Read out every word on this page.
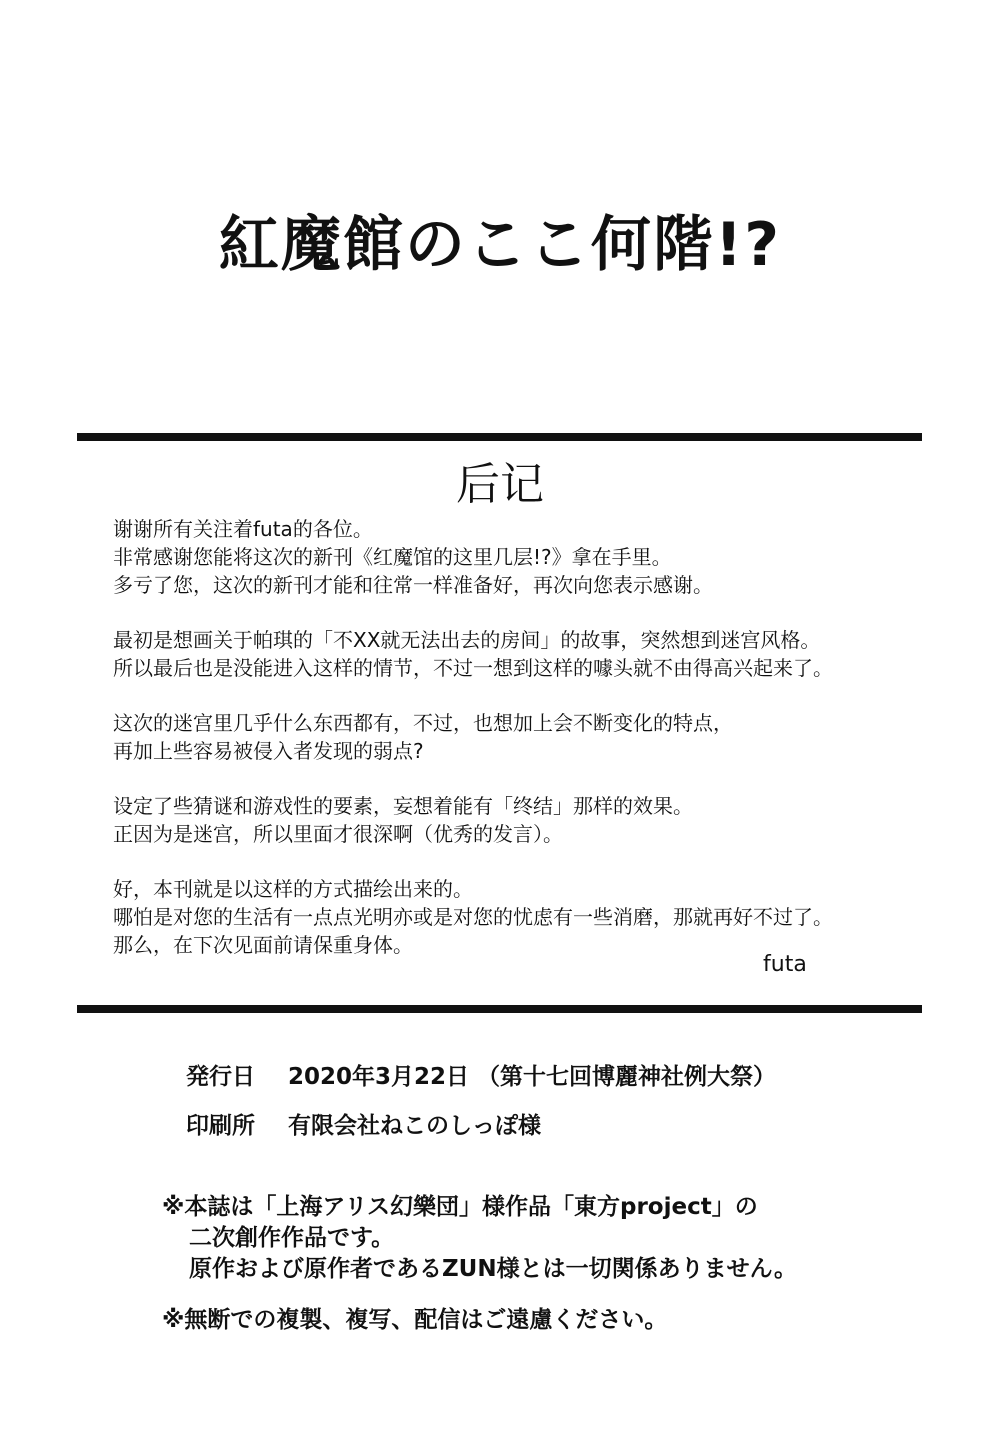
紅魔館のここ何階!?
后记

谢谢所有关注着futa的各位。
非常感谢您能将这次的新刊《红魔馆的这里几层!?》拿在手里。
多亏了您，这次的新刊才能和往常一样准备好，再次向您表示感谢。

最初是想画关于帕琪的「不XX就无法出去的房间」的故事，突然想到迷宫风格。
所以最后也是没能进入这样的情节，不过一想到这样的噱头就不由得高兴起来了。

这次的迷宫里几乎什么东西都有，不过，也想加上会不断变化的特点，
再加上些容易被侵入者发现的弱点?

设定了些猜谜和游戏性的要素，妄想着能有「终结」那样的效果。
正因为是迷宫，所以里面才很深啊（优秀的发言）。

好，本刊就是以这样的方式描绘出来的。
哪怕是对您的生活有一点点光明亦或是对您的忧虑有一些消磨，那就再好不过了。
那么，在下次见面前请保重身体。

futa
発行日 2020年3月22日 （第十七回博麗神社例大祭）
印刷所 有限会社ねこのしっぽ様
※本誌は「上海アリス幻樂団」様作品「東方project」の
二次創作作品です。
原作および原作者であるZUN様とは一切関係ありません。
※無断での複製、複写、配信はご遠慮ください。
